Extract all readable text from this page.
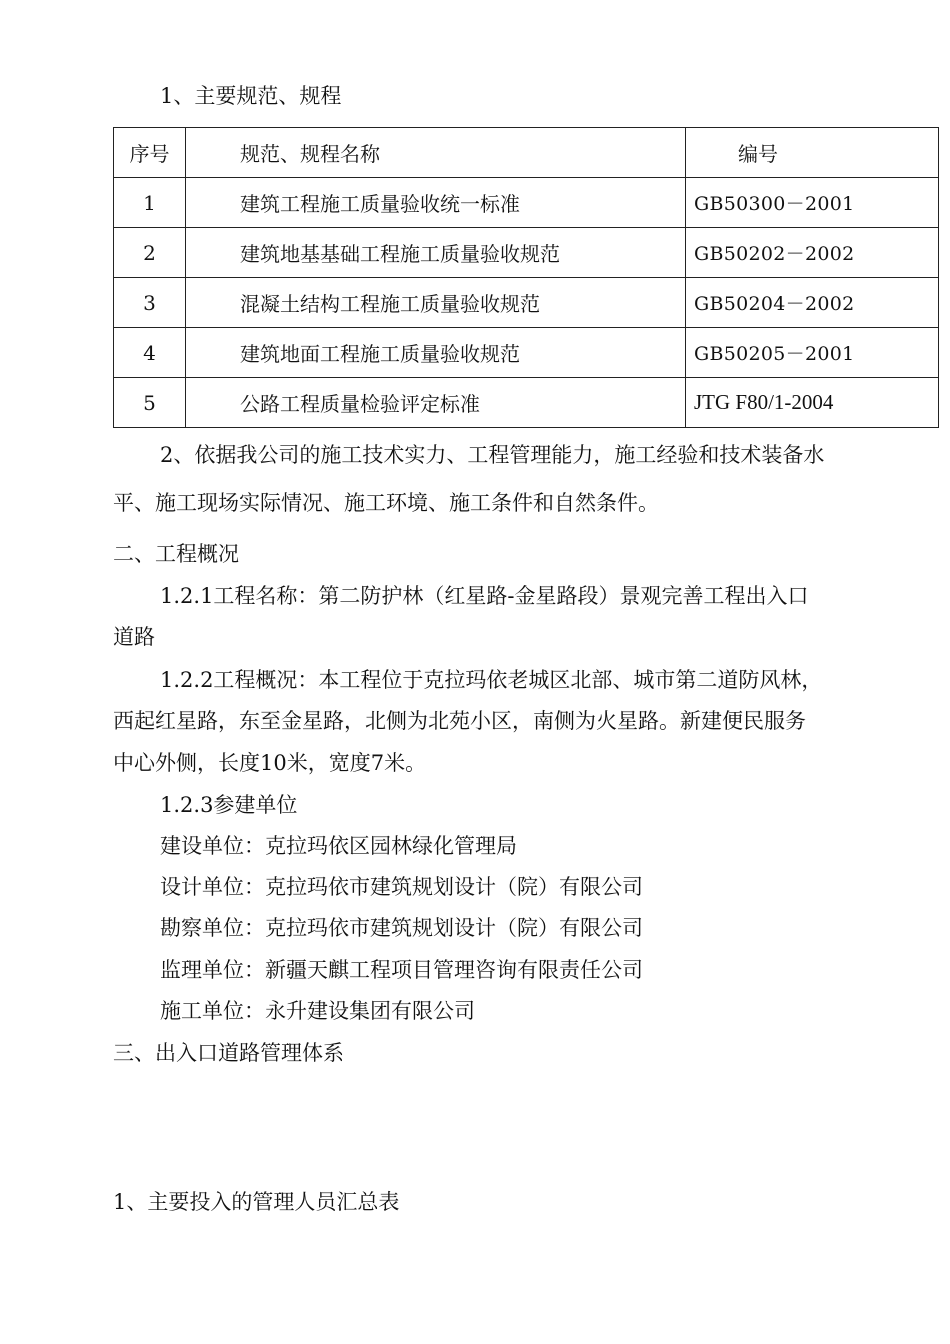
1、主要规范、规程
序号	规范、规程名称	编号
1	建筑工程施工质量验收统一标准	GB50300－2001
2	建筑地基基础工程施工质量验收规范	GB50202－2002
3	混凝土结构工程施工质量验收规范	GB50204－2002
4	建筑地面工程施工质量验收规范	GB50205－2001
5	公路工程质量检验评定标准	JTG F80/1-2004
2、依据我公司的施工技术实力、工程管理能力，施工经验和技术装备水
平、施工现场实际情况、施工环境、施工条件和自然条件。
二、工程概况
1.2.1工程名称：第二防护林（红星路-金星路段）景观完善工程出入口
道路
1.2.2工程概况：本工程位于克拉玛依老城区北部、城市第二道防风林，
西起红星路，东至金星路，北侧为北苑小区，南侧为火星路。新建便民服务
中心外侧，长度10米，宽度7米。
1.2.3参建单位
建设单位：克拉玛依区园林绿化管理局
设计单位：克拉玛依市建筑规划设计（院）有限公司
勘察单位：克拉玛依市建筑规划设计（院）有限公司
监理单位：新疆天麒工程项目管理咨询有限责任公司
施工单位：永升建设集团有限公司
三、出入口道路管理体系
1、主要投入的管理人员汇总表
